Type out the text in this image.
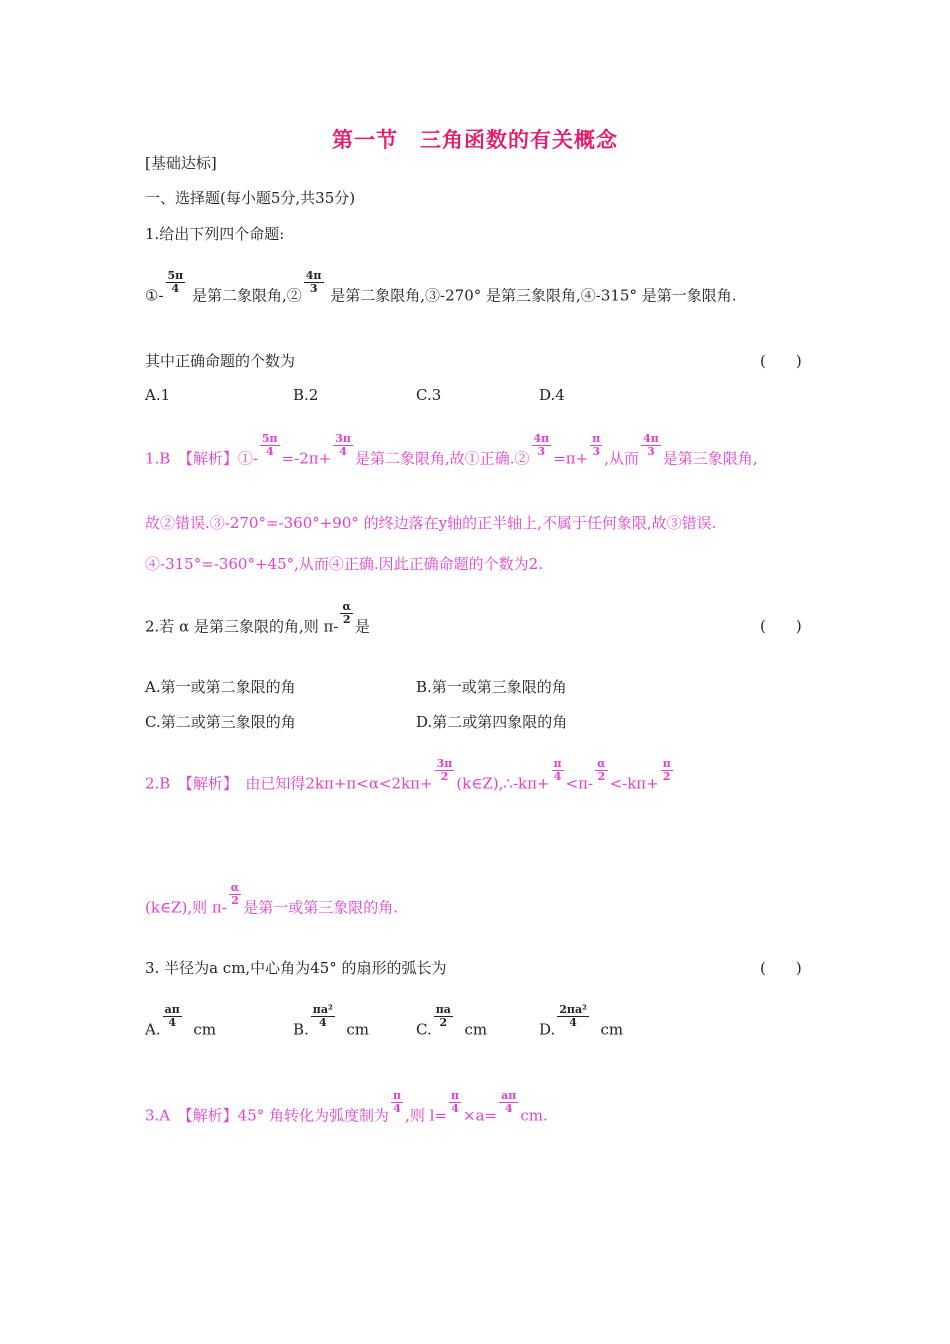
第一节　三角函数的有关概念
[基础达标]
一、选择题(每小题5分,共35分)
1.给出下列四个命题:
①-
$\frac{5\pi}{4}$
是第二象限角,②
$\frac{4\pi}{3}$
是第二象限角,③-270° 是第三象限角,④-315° 是第一象限角.
其中正确命题的个数为	(　　)
A.1	B.2	C.3	D.4
1.B　【解析】①-
$\frac{5\pi}{4}$
=-2π+
$\frac{3\pi}{4}$
是第二象限角,故①正确.②
$\frac{4\pi}{3}$
=π+
$\frac{\pi}{3}$
,从而
$\frac{4\pi}{3}$
是第三象限角,
故②错误.③-270°=-360°+90° 的终边落在y轴的正半轴上,不属于任何象限,故③错误.
④-315°=-360°+45°,从而④正确.因此正确命题的个数为2.
2.若 α 是第三象限的角,则 π-
$\frac{\alpha}{2}$
是	(　　)
A.第一或第二象限的角	B.第一或第三象限的角
C.第二或第三象限的角	D.第二或第四象限的角
2.B　【解析】　由已知得2kπ+π<α<2kπ+
$\frac{3\pi}{2}$
(k∈Z),∴-kπ+
$\frac{\pi}{4}$
<π-
$\frac{\alpha}{2}$
<-kπ+
$\frac{\pi}{2}$
(k∈Z),则 π-
$\frac{\alpha}{2}$
是第一或第三象限的角.
3. 半径为a cm,中心角为45° 的扇形的弧长为	(　　)
A.
$\frac{a\pi}{4}$
cm	B.
$\frac{\text{πa²}}{4}$
cm	C.
$\frac{\pi a}{2}$
cm	D.
$\frac{\text{2πa²}}{4}$
cm
3.A　【解析】45° 角转化为弧度制为
$\frac{\pi}{4}$
,则 l=
$\frac{\pi}{4}$
×a=
$\frac{a\pi}{4}$
cm.
